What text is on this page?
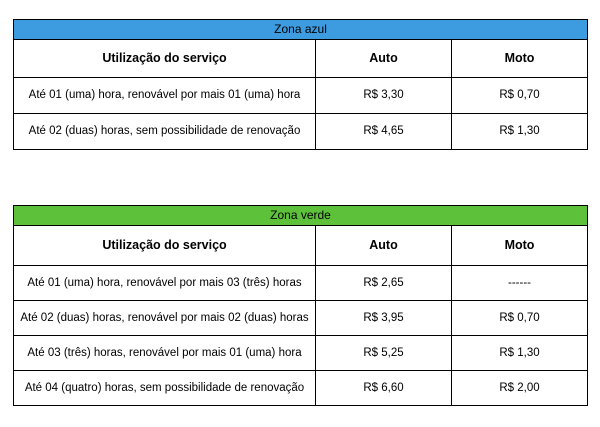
Zona azul		
Utilização do serviço	Auto	Moto
Até 01 (uma) hora, renovável por mais 01 (uma) hora	R$ 3,30	R$ 0,70
Até 02 (duas) horas, sem possibilidade de renovação	R$ 4,65	R$ 1,30
Zona verde		
Utilização do serviço	Auto	Moto
Até 01 (uma) hora, renovável por mais 03 (três) horas	R$ 2,65	------
Até 02 (duas) horas, renovável por mais 02 (duas) horas	R$ 3,95	R$ 0,70
Até 03 (três) horas, renovável por mais 01 (uma) hora	R$ 5,25	R$ 1,30
Até 04 (quatro) horas, sem possibilidade de renovação	R$ 6,60	R$ 2,00
